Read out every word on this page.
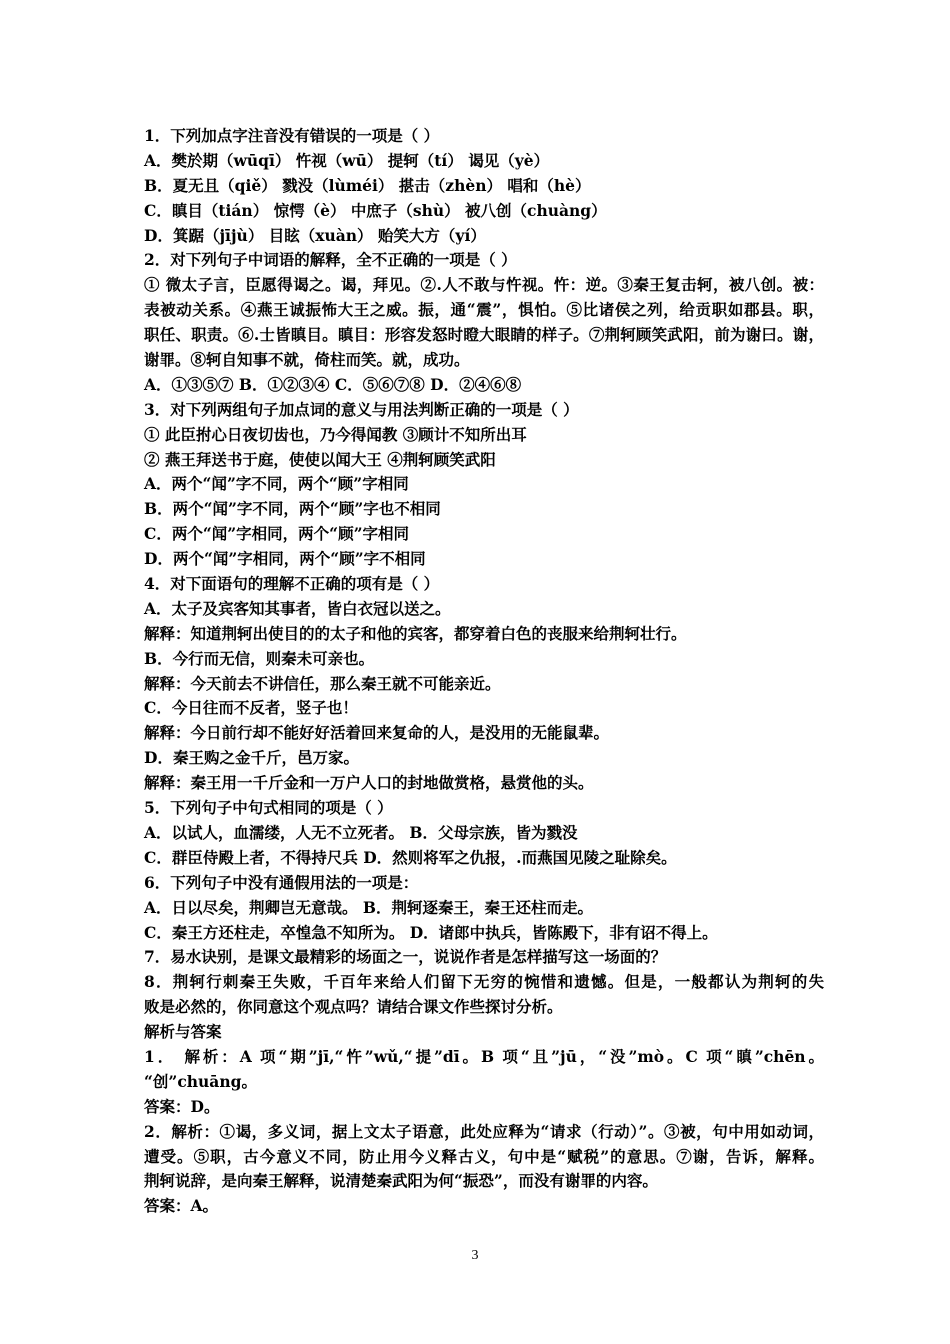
1．下列加点字注音没有错误的一项是（ ）
A．樊於期（wūqī） 忤视（wū） 提轲（tí） 谒见（yè）
B．夏无且（qiě） 戮没（lùméi） 揕击（zhèn） 唱和（hè）
C．瞋目（tián） 惊愕（è） 中庶子（shù） 被八创（chuàng）
D．箕踞（jījù） 目眩（xuàn） 贻笑大方（yí）
2．对下列句子中词语的解释，全不正确的一项是（ ）
① 微太子言，臣愿得谒之。谒，拜见。②.人不敢与忤视。忤：逆。③秦王复击轲，被八创。被：
表被动关系。④燕王诚振怖大王之威。振，通“震”，惧怕。⑤比诸侯之列，给贡职如郡县。职，
职任、职责。⑥.士皆瞋目。瞋目：形容发怒时瞪大眼睛的样子。⑦荆轲顾笑武阳，前为谢曰。谢，
谢罪。⑧轲自知事不就，倚柱而笑。就，成功。
A．①③⑤⑦ B．①②③④ C．⑤⑥⑦⑧ D．②④⑥⑧
3．对下列两组句子加点词的意义与用法判断正确的一项是（ ）
① 此臣拊心日夜切齿也，乃今得闻教 ③顾计不知所出耳
② 燕王拜送书于庭，使使以闻大王 ④荆轲顾笑武阳
A．两个“闻”字不同，两个“顾”字相同
B．两个“闻”字不同，两个“顾”字也不相同
C．两个“闻”字相同，两个“顾”字相同
D．两个“闻”字相同，两个“顾”字不相同
4．对下面语句的理解不正确的项有是（ ）
A．太子及宾客知其事者，皆白衣冠以送之。
解释：知道荆轲出使目的的太子和他的宾客，都穿着白色的丧服来给荆轲壮行。
B．今行而无信，则秦未可亲也。
解释：今天前去不讲信任，那么秦王就不可能亲近。
C．今日往而不反者，竖子也！
解释：今日前行却不能好好活着回来复命的人，是没用的无能鼠辈。
D．秦王购之金千斤，邑万家。
解释：秦王用一千斤金和一万户人口的封地做赏格，悬赏他的头。
5．下列句子中句式相同的项是（ ）
A．以试人，血濡缕，人无不立死者。 B．父母宗族，皆为戮没
C．群臣侍殿上者，不得持尺兵 D．然则将军之仇报，.而燕国见陵之耻除矣。
6．下列句子中没有通假用法的一项是：
A．日以尽矣，荆卿岂无意哉。 B．荆轲逐秦王，秦王还柱而走。
C．秦王方还柱走，卒惶急不知所为。 D．诸郎中执兵，皆陈殿下，非有诏不得上。
7．易水诀别，是课文最精彩的场面之一，说说作者是怎样描写这一场面的？
8．荆轲行刺秦王失败，千百年来给人们留下无穷的惋惜和遗憾。但是，一般都认为荆轲的失
败是必然的，你同意这个观点吗？请结合课文作些探讨分析。
解析与答案
1． 解析：A 项“期”jī,“忤”wǔ,“提”dī。B 项“且”jū，“没”mò。C 项“瞋”chēn。
“创”chuāng。
答案：D。
2．解析：①谒，多义词，据上文太子语意，此处应释为“请求（行动）”。③被，句中用如动词，
遭受。⑤职，古今意义不同，防止用今义释古义，句中是“赋税”的意思。⑦谢，告诉，解释。
荆轲说辞，是向秦王解释，说清楚秦武阳为何“振恐”，而没有谢罪的内容。
答案：A。
3
